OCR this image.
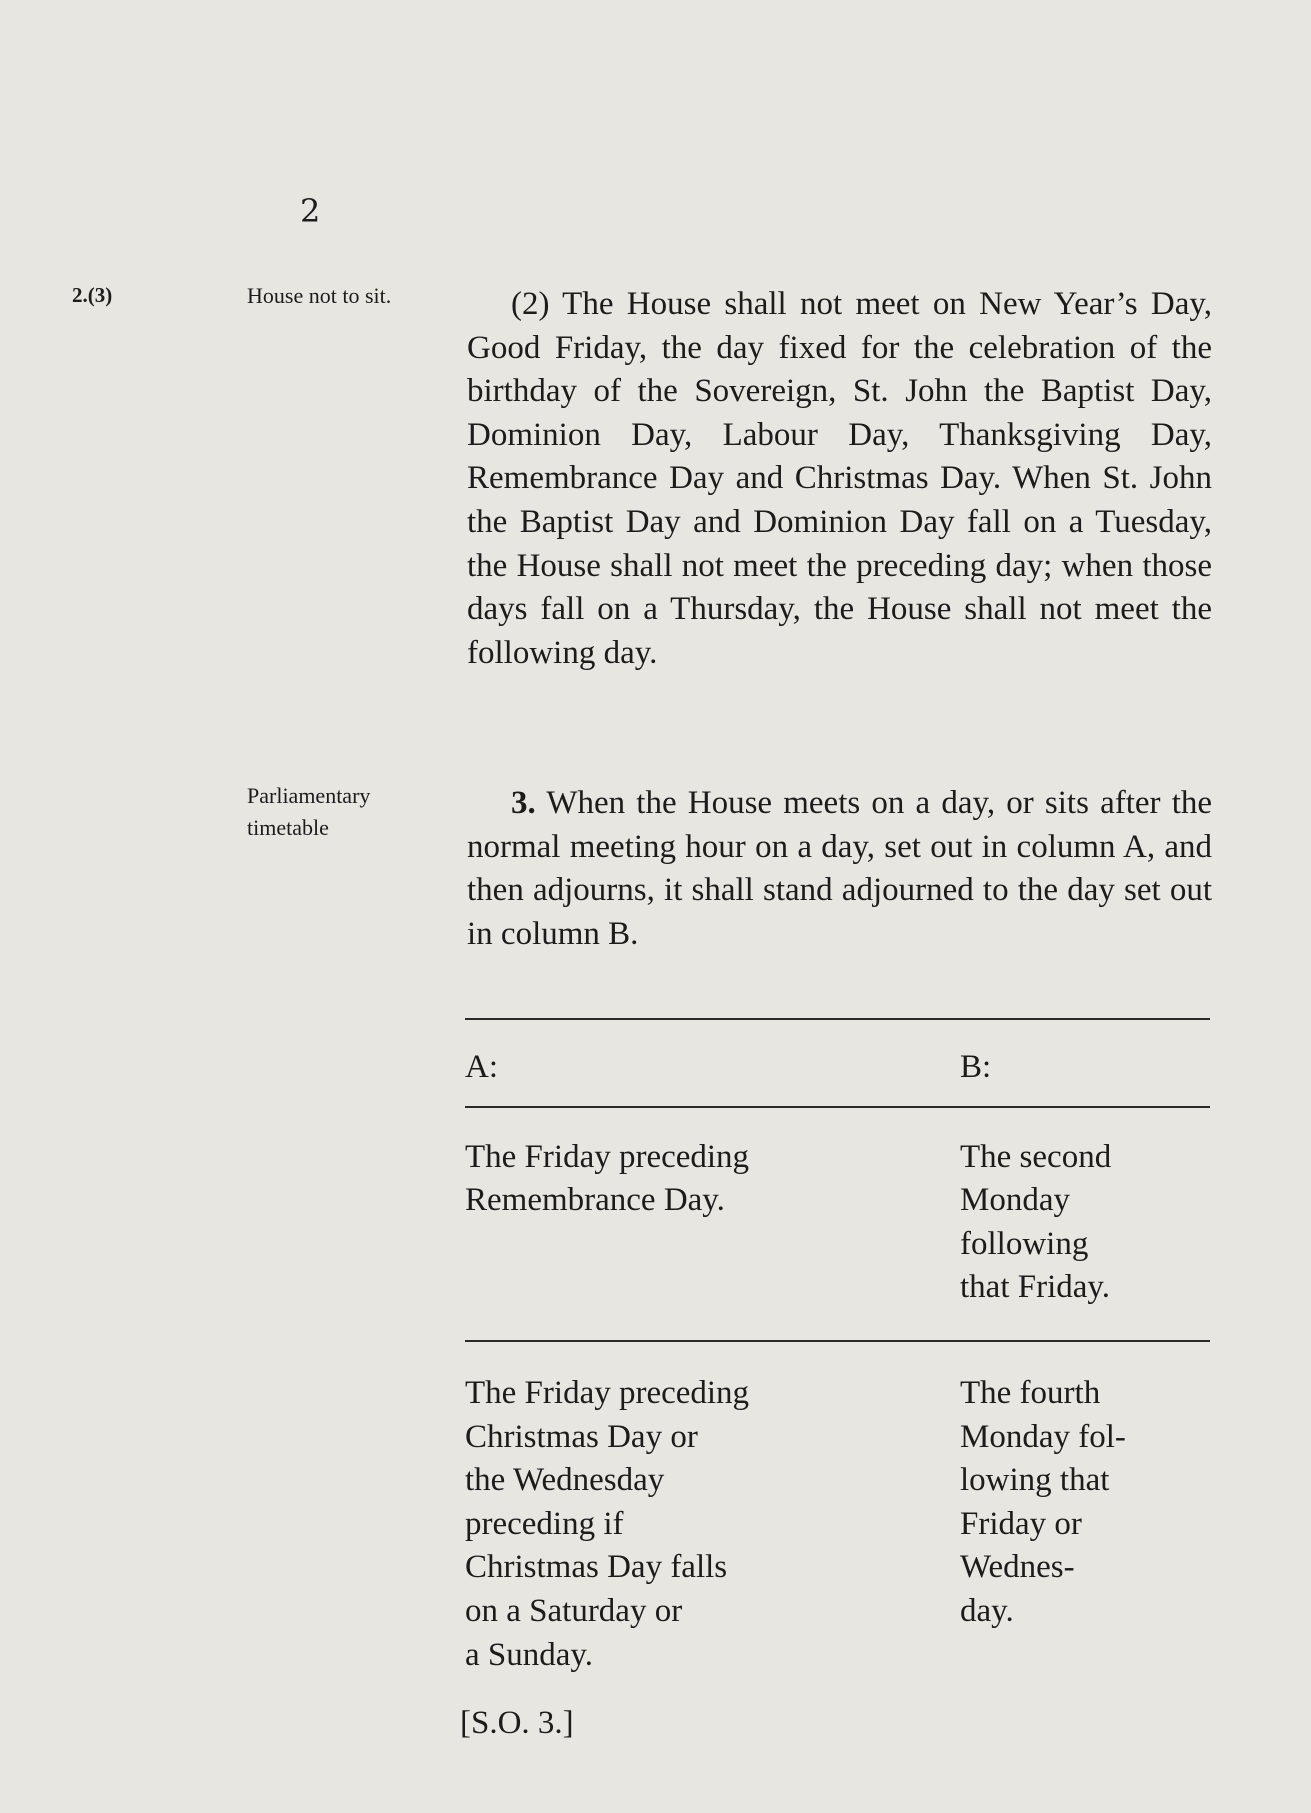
2
2.(3)	House not to sit.
Parliamentary timetable
(2) The House shall not meet on New Year’s Day, Good Friday, the day fixed for the celebration of the birthday of the Sovereign, St. John the Baptist Day, Dominion Day, Labour Day, Thanksgiving Day, Remembrance Day and Christmas Day. When St. John the Baptist Day and Dominion Day fall on a Tuesday, the House shall not meet the preceding day; when those days fall on a Thursday, the House shall not meet the following day.
3. When the House meets on a day, or sits after the normal meeting hour on a day, set out in column A, and then adjourns, it shall stand adjourned to the day set out in column B.
A:	B:
The Friday preceding
Remembrance Day.
The second
Monday
following
that Friday.
The Friday preceding
Christmas Day or
the Wednesday
preceding if
Christmas Day falls
on a Saturday or
a Sunday.
The fourth
Monday fol-
lowing that
Friday or
Wednes-
day.
[S.O. 3.]
